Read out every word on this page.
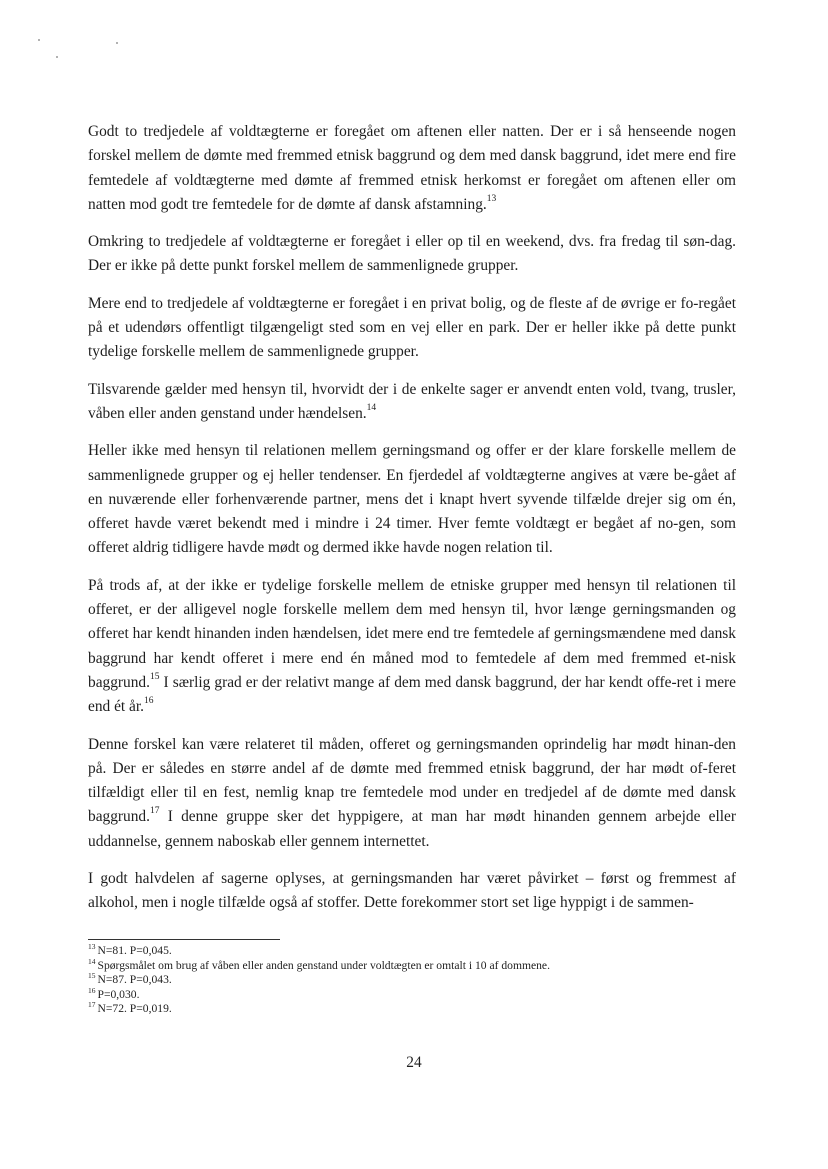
Godt to tredjedele af voldtægterne er foregået om aftenen eller natten. Der er i så henseende nogen forskel mellem de dømte med fremmed etnisk baggrund og dem med dansk baggrund, idet mere end fire femtedele af voldtægterne med dømte af fremmed etnisk herkomst er foregået om aftenen eller om natten mod godt tre femtedele for de dømte af dansk afstamning.$^{13}$

Omkring to tredjedele af voldtægterne er foregået i eller op til en weekend, dvs. fra fredag til søn-dag. Der er ikke på dette punkt forskel mellem de sammenlignede grupper.

Mere end to tredjedele af voldtægterne er foregået i en privat bolig, og de fleste af de øvrige er fo-regået på et udendørs offentligt tilgængeligt sted som en vej eller en park. Der er heller ikke på dette punkt tydelige forskelle mellem de sammenlignede grupper.

Tilsvarende gælder med hensyn til, hvorvidt der i de enkelte sager er anvendt enten vold, tvang, trusler, våben eller anden genstand under hændelsen.$^{14}$

Heller ikke med hensyn til relationen mellem gerningsmand og offer er der klare forskelle mellem de sammenlignede grupper og ej heller tendenser. En fjerdedel af voldtægterne angives at være be-gået af en nuværende eller forhenværende partner, mens det i knapt hvert syvende tilfælde drejer sig om én, offeret havde været bekendt med i mindre i 24 timer. Hver femte voldtægt er begået af no-gen, som offeret aldrig tidligere havde mødt og dermed ikke havde nogen relation til.

På trods af, at der ikke er tydelige forskelle mellem de etniske grupper med hensyn til relationen til offeret, er der alligevel nogle forskelle mellem dem med hensyn til, hvor længe gerningsmanden og offeret har kendt hinanden inden hændelsen, idet mere end tre femtedele af gerningsmændene med dansk baggrund har kendt offeret i mere end én måned mod to femtedele af dem med fremmed et-nisk baggrund.$^{15}$ I særlig grad er der relativt mange af dem med dansk baggrund, der har kendt offe-ret i mere end ét år.$^{16}$

Denne forskel kan være relateret til måden, offeret og gerningsmanden oprindelig har mødt hinan-den på. Der er således en større andel af de dømte med fremmed etnisk baggrund, der har mødt of-feret tilfældigt eller til en fest, nemlig knap tre femtedele mod under en tredjedel af de dømte med dansk baggrund.$^{17}$ I denne gruppe sker det hyppigere, at man har mødt hinanden gennem arbejde eller uddannelse, gennem naboskab eller gennem internettet.

I godt halvdelen af sagerne oplyses, at gerningsmanden har været påvirket – først og fremmest af alkohol, men i nogle tilfælde også af stoffer. Dette forekommer stort set lige hyppigt i de sammen-

$^{13}$ N=81. P=0,045.
$^{14}$ Spørgsmålet om brug af våben eller anden genstand under voldtægten er omtalt i 10 af dommene.
$^{15}$ N=87. P=0,043.
$^{16}$ P=0,030.
$^{17}$ N=72. P=0,019.
24
